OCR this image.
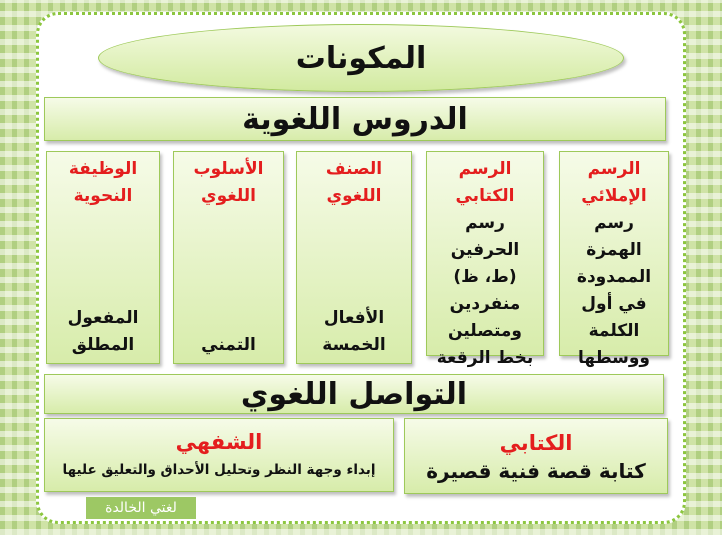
المكونات
الدروس اللغوية
الرسم الإملائي
رسم الهمزة الممدودة في أول الكلمة ووسطها
الرسم الكتابي
رسم الحرفين (ط، ظ) منفردين ومتصلين بخط الرقعة
الصنف اللغوي
الأفعال الخمسة
الأسلوب اللغوي
التمني
الوظيفة النحوية
المفعول المطلق
التواصل اللغوي
الكتابي
كتابة قصة فنية قصيرة
الشفهي
إبداء وجهة النظر وتحليل الأحداق والتعليق عليها
لغتي الخالدة
